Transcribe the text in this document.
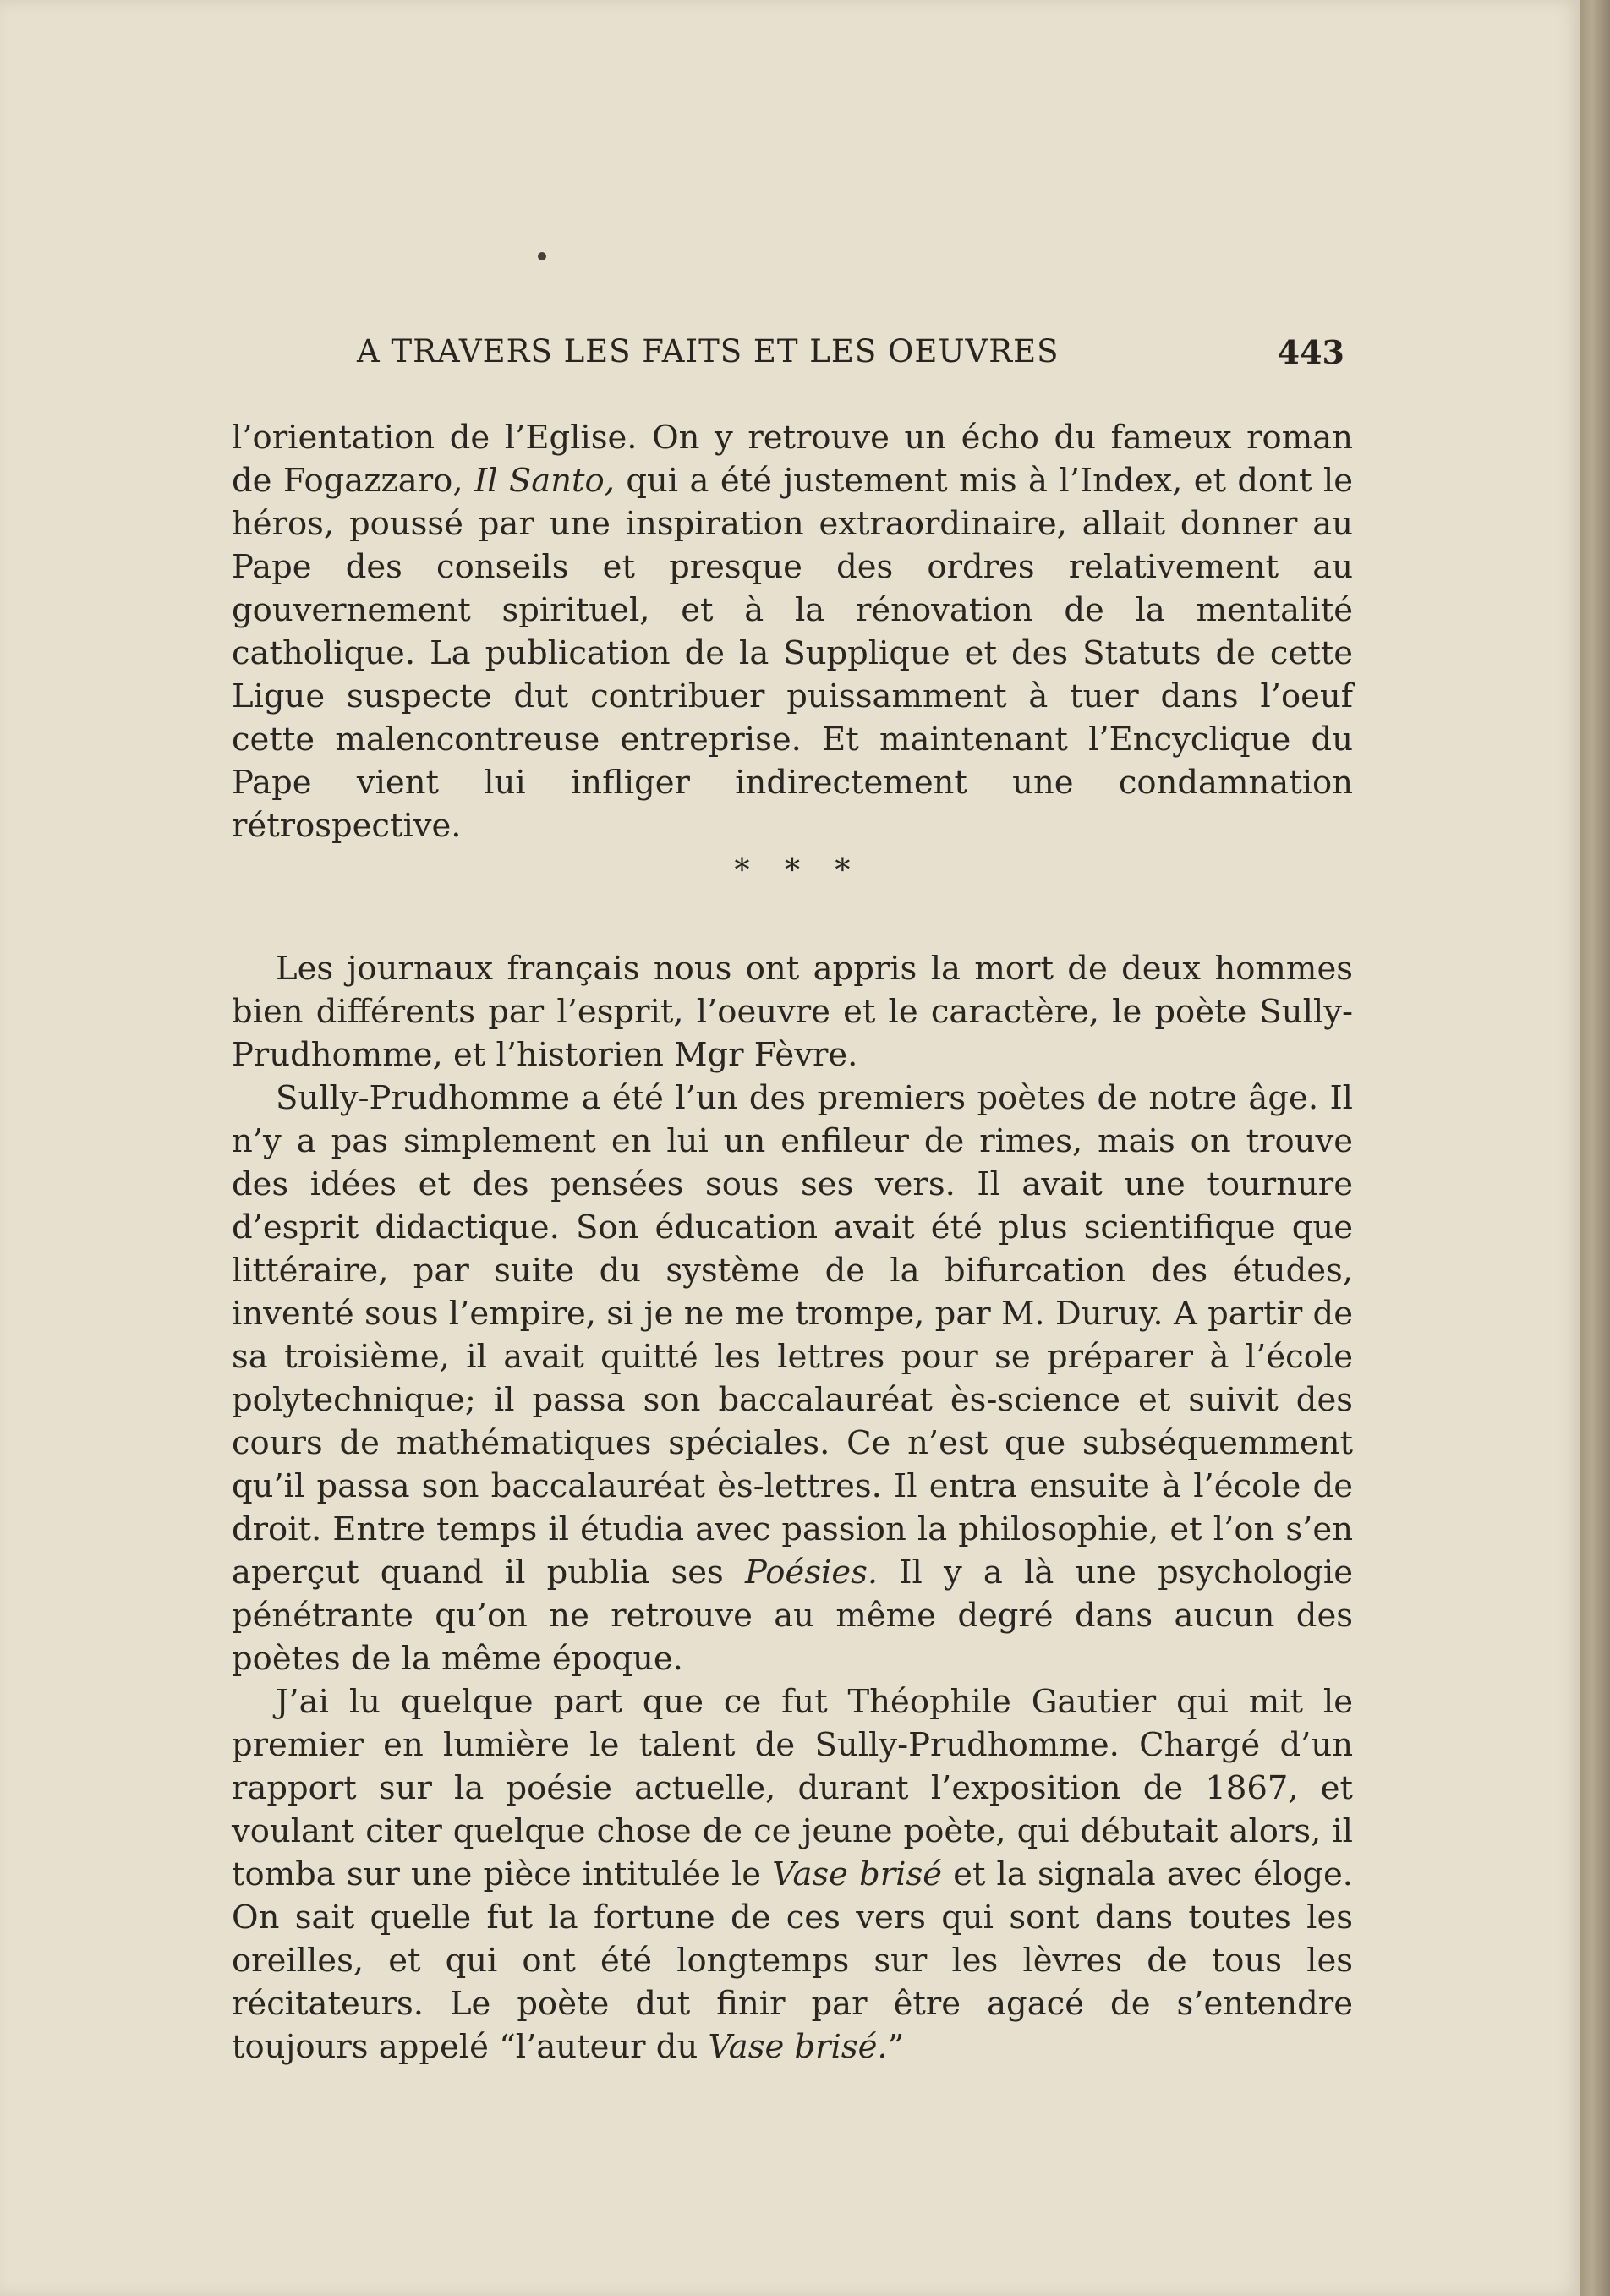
A TRAVERS LES FAITS ET LES OEUVRES	443

l’orientation de l’Eglise. On y retrouve un écho du fameux roman de Fogazzaro, Il Santo, qui a été justement mis à l’Index, et dont le héros, poussé par une inspiration extraordinaire, allait donner au Pape des conseils et presque des ordres relativement au gouvernement spirituel, et à la rénovation de la mentalité catholique. La publication de la Supplique et des Statuts de cette Ligue suspecte dut contribuer puissamment à tuer dans l’oeuf cette malencontreuse entreprise. Et maintenant l’Encyclique du Pape vient lui infliger indirectement une condamnation rétrospective.

* * *

Les journaux français nous ont appris la mort de deux hommes bien différents par l’esprit, l’oeuvre et le caractère, le poète Sully-Prudhomme, et l’historien Mgr Fèvre.

Sully-Prudhomme a été l’un des premiers poètes de notre âge. Il n’y a pas simplement en lui un enfileur de rimes, mais on trouve des idées et des pensées sous ses vers. Il avait une tournure d’esprit didactique. Son éducation avait été plus scientifique que littéraire, par suite du système de la bifurcation des études, inventé sous l’empire, si je ne me trompe, par M. Duruy. A partir de sa troisième, il avait quitté les lettres pour se préparer à l’école polytechnique; il passa son baccalauréat ès-science et suivit des cours de mathématiques spéciales. Ce n’est que subséquemment qu’il passa son baccalauréat ès-lettres. Il entra ensuite à l’école de droit. Entre temps il étudia avec passion la philosophie, et l’on s’en aperçut quand il publia ses Poésies. Il y a là une psychologie pénétrante qu’on ne retrouve au même degré dans aucun des poètes de la même époque.

J’ai lu quelque part que ce fut Théophile Gautier qui mit le premier en lumière le talent de Sully-Prudhomme. Chargé d’un rapport sur la poésie actuelle, durant l’exposition de 1867, et voulant citer quelque chose de ce jeune poète, qui débutait alors, il tomba sur une pièce intitulée le Vase brisé et la signala avec éloge. On sait quelle fut la fortune de ces vers qui sont dans toutes les oreilles, et qui ont été longtemps sur les lèvres de tous les récitateurs. Le poète dut finir par être agacé de s’entendre toujours appelé “l’auteur du Vase brisé.”
